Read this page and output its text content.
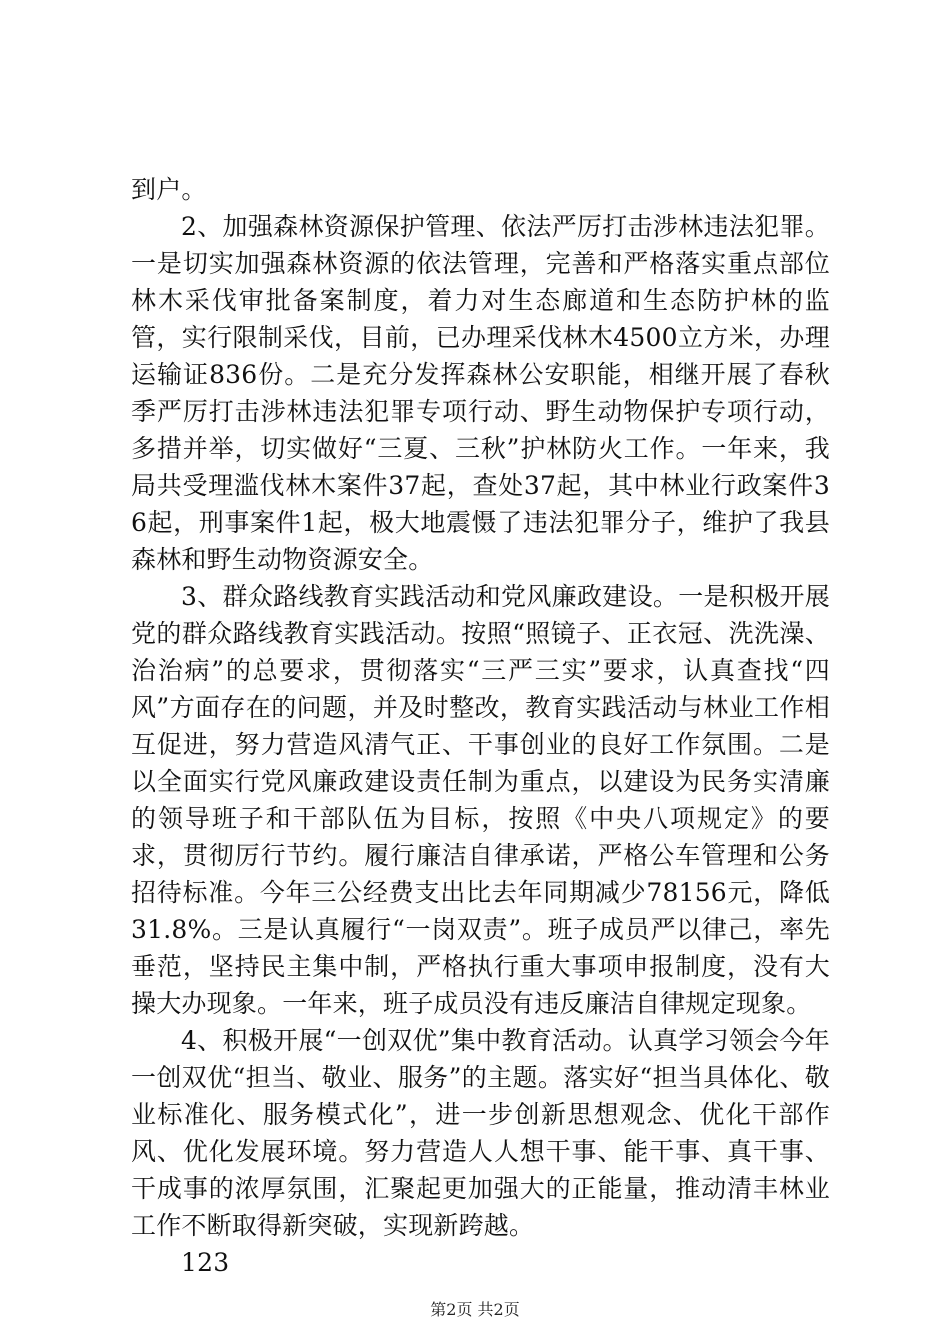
到户。

2、加强森林资源保护管理、依法严厉打击涉林违法犯罪。一是切实加强森林资源的依法管理，完善和严格落实重点部位林木采伐审批备案制度，着力对生态廊道和生态防护林的监管，实行限制采伐，目前，已办理采伐林木4500立方米，办理运输证836份。二是充分发挥森林公安职能，相继开展了春秋季严厉打击涉林违法犯罪专项行动、野生动物保护专项行动，多措并举，切实做好“三夏、三秋”护林防火工作。一年来，我局共受理滥伐林木案件37起，查处37起，其中林业行政案件36起，刑事案件1起，极大地震慑了违法犯罪分子，维护了我县森林和野生动物资源安全。

3、群众路线教育实践活动和党风廉政建设。一是积极开展党的群众路线教育实践活动。按照“照镜子、正衣冠、洗洗澡、治治病”的总要求，贯彻落实“三严三实”要求，认真查找“四风”方面存在的问题，并及时整改，教育实践活动与林业工作相互促进，努力营造风清气正、干事创业的良好工作氛围。二是以全面实行党风廉政建设责任制为重点，以建设为民务实清廉的领导班子和干部队伍为目标，按照《中央八项规定》的要求，贯彻厉行节约。履行廉洁自律承诺，严格公车管理和公务招待标准。今年三公经费支出比去年同期减少78156元，降低31.8%。三是认真履行“一岗双责”。班子成员严以律己，率先垂范，坚持民主集中制，严格执行重大事项申报制度，没有大操大办现象。一年来，班子成员没有违反廉洁自律规定现象。

4、积极开展“一创双优”集中教育活动。认真学习领会今年一创双优“担当、敬业、服务”的主题。落实好“担当具体化、敬业标准化、服务模式化”，进一步创新思想观念、优化干部作风、优化发展环境。努力营造人人想干事、能干事、真干事、干成事的浓厚氛围，汇聚起更加强大的正能量，推动清丰林业工作不断取得新突破，实现新跨越。

123

第2页 共2页
